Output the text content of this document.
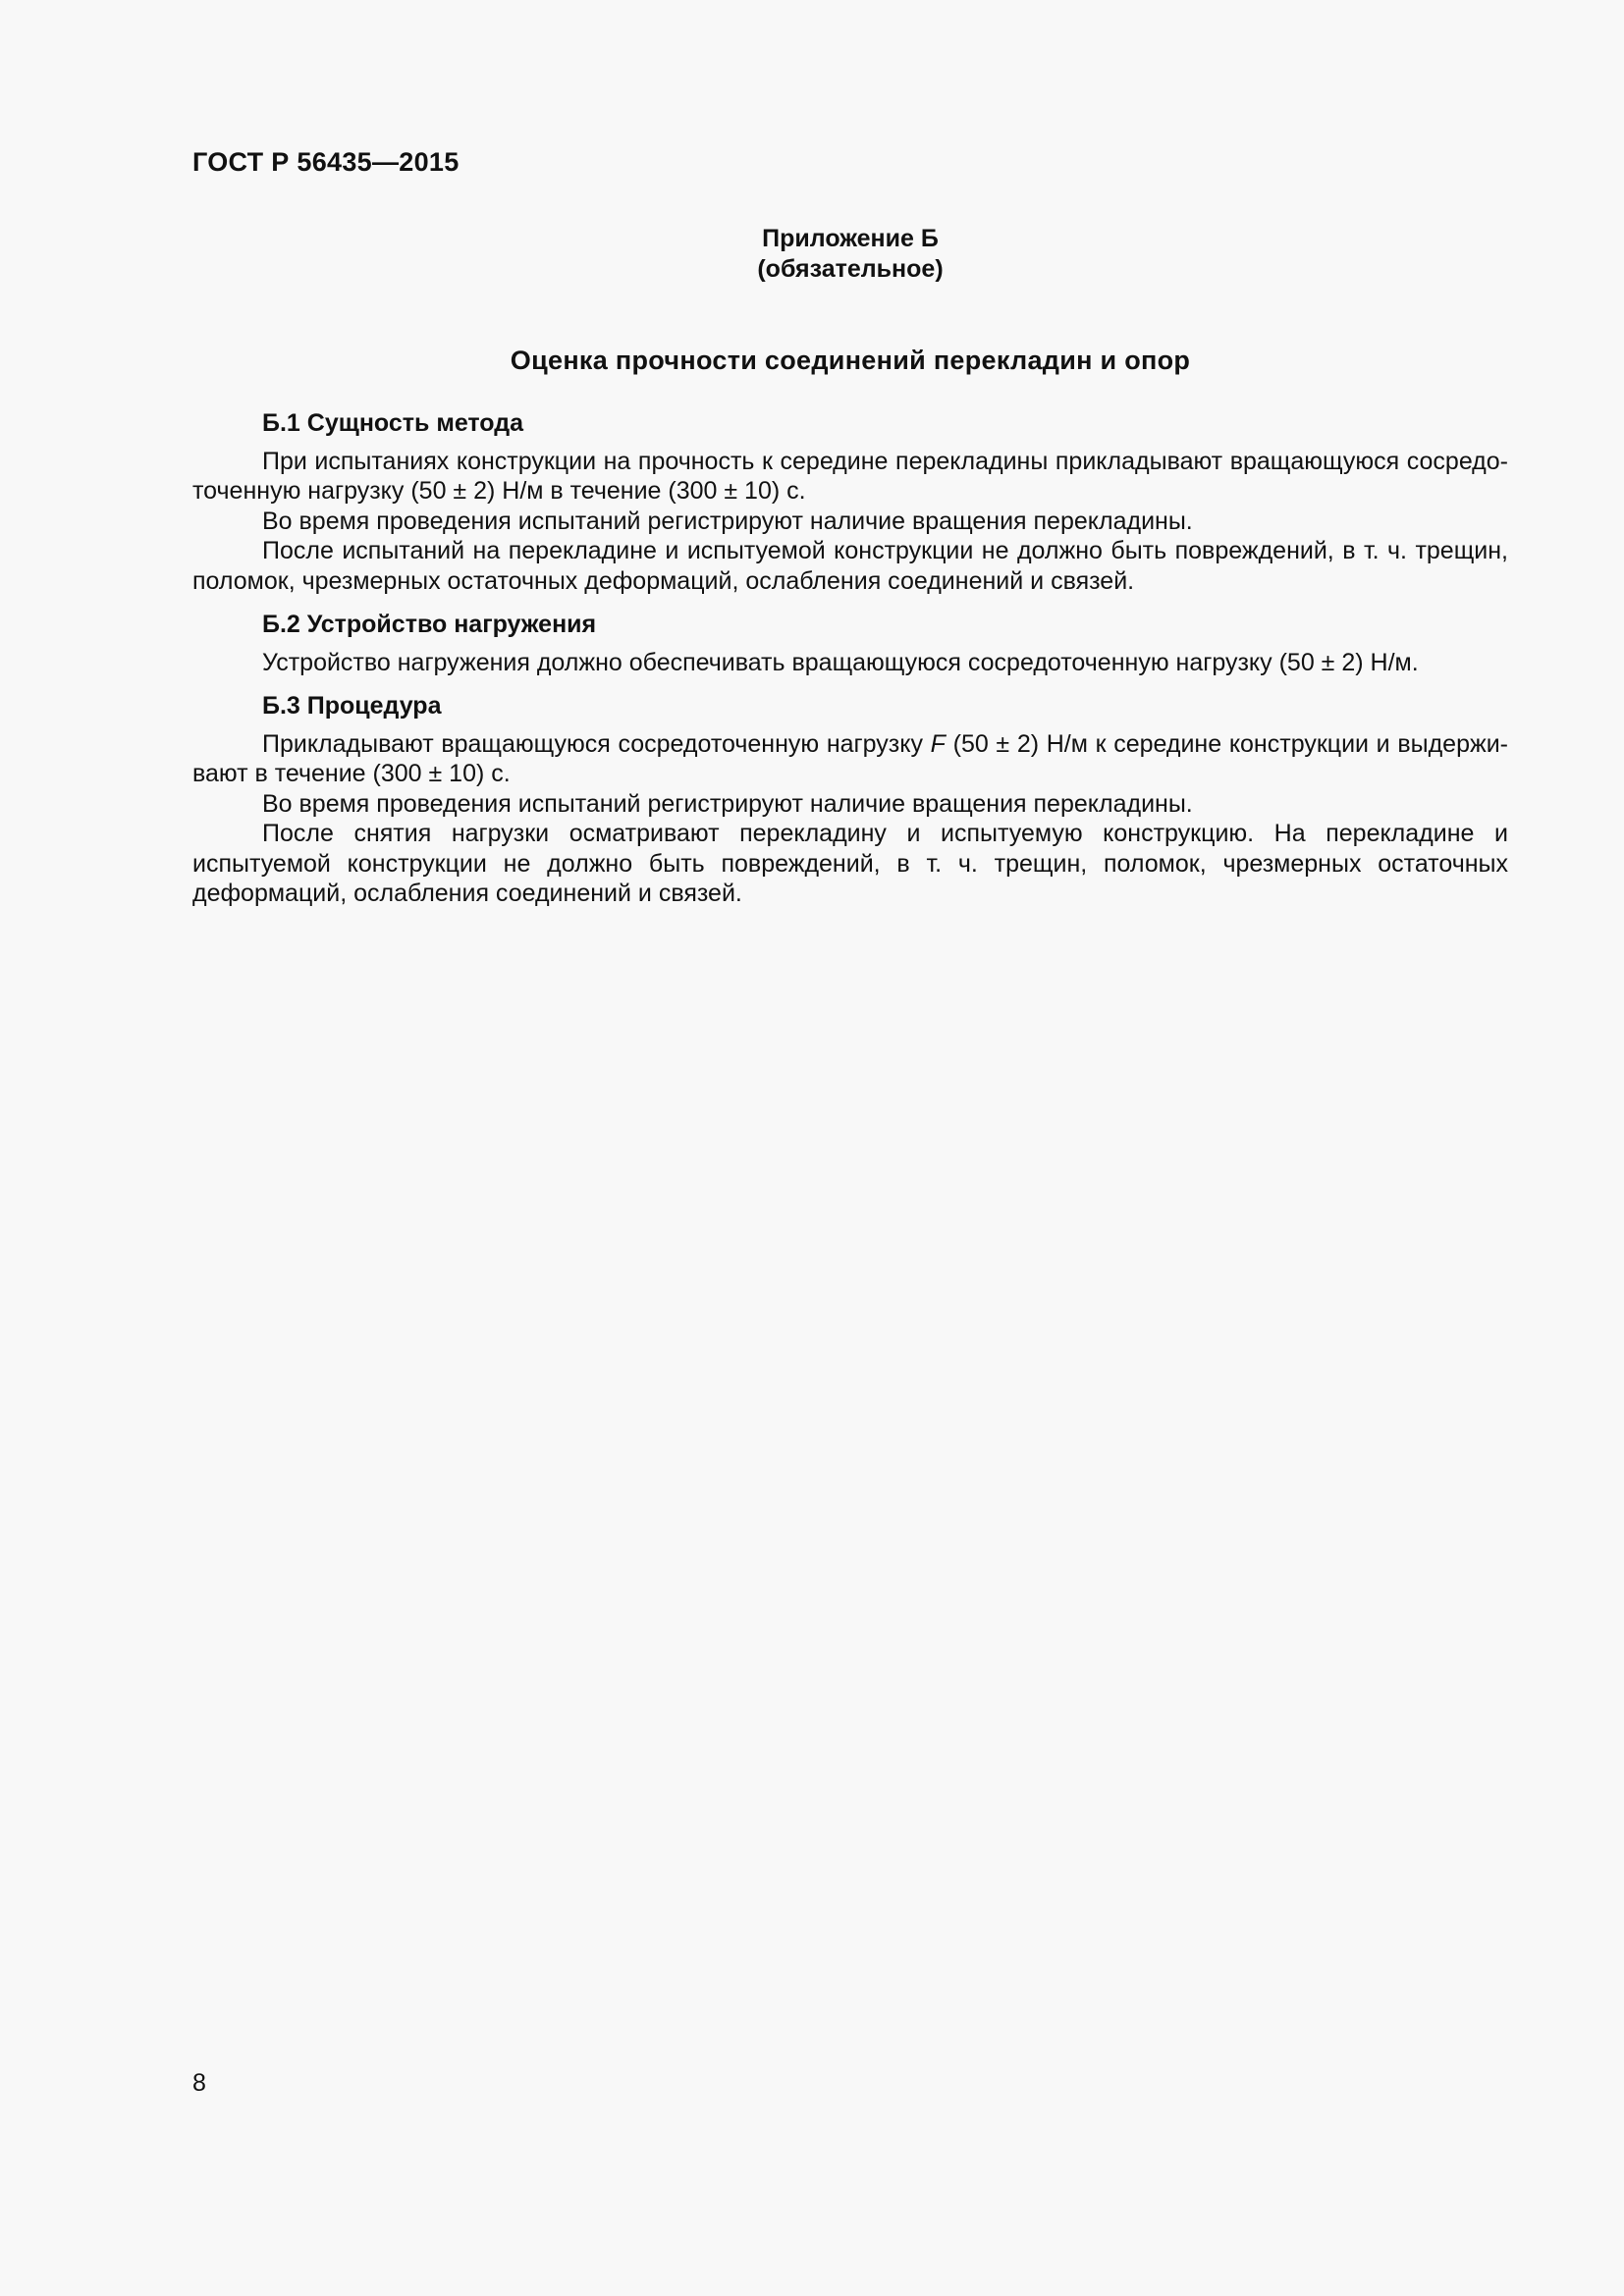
ГОСТ Р 56435—2015

Приложение Б
(обязательное)

Оценка прочности соединений перекладин и опор

Б.1 Сущность метода

При испытаниях конструкции на прочность к середине перекладины прикладывают вращающуюся сосредоточенную нагрузку (50 ± 2) Н/м в течение (300 ± 10) с.

Во время проведения испытаний регистрируют наличие вращения перекладины.

После испытаний на перекладине и испытуемой конструкции не должно быть повреждений, в т. ч. трещин, поломок, чрезмерных остаточных деформаций, ослабления соединений и связей.

Б.2 Устройство нагружения

Устройство нагружения должно обеспечивать вращающуюся сосредоточенную нагрузку (50 ± 2) Н/м.

Б.3 Процедура

Прикладывают вращающуюся сосредоточенную нагрузку F (50 ± 2) Н/м к середине конструкции и выдерживают в течение (300 ± 10) с.

Во время проведения испытаний регистрируют наличие вращения перекладины.

После снятия нагрузки осматривают перекладину и испытуемую конструкцию. На перекладине и испытуемой конструкции не должно быть повреждений, в т. ч. трещин, поломок, чрезмерных остаточных деформаций, ослабления соединений и связей.

8
